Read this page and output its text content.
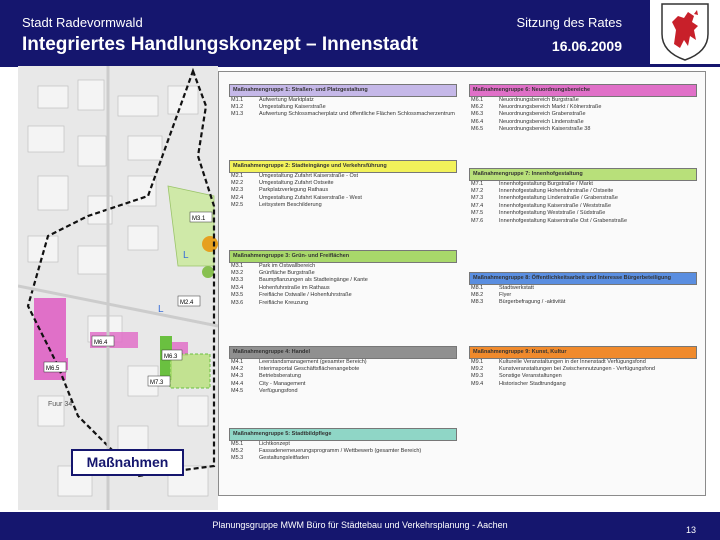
Stadt Radevormwald
Integriertes Handlungskonzept – Innenstadt
Sitzung des Rates
16.06.2009
M3.1
M2.4
M6.4
M6.5
M6.3
M7.3
L
L
Fuur 34
Maßnahmengruppe 1: Straßen- und Platzgestaltung
M1.1	Aufwertung Marktplatz
M1.2	Umgestaltung Kaiserstraße
M1.3	Aufwertung Schlossmacherplatz und öffentliche Flächen Schlossmacherzentrum
Maßnahmengruppe 2: Stadteingänge und Verkehrsführung
M2.1	Umgestaltung Zufahrt Kaiserstraße - Ost
M2.2	Umgestaltung Zufahrt Ostseite
M2.3	Parkplatzverlegung Rathaus
M2.4	Umgestaltung Zufahrt Kaiserstraße - West
M2.5	Leitsystem Beschilderung
Maßnahmengruppe 3: Grün- und Freiflächen
M3.1	Park im Ostwallbereich
M3.2	Grünfläche Burgstraße
M3.3	Baumpflanzungen als Stadteingänge / Kante
M3.4	Hohenfuhrstraße im Rathaus
M3.5	Freifläche Ostwalle / Hohenfuhrstraße
M3.6	Freifläche Kreuzung
Maßnahmengruppe 4: Handel
M4.1	Leerstandsmanagement (gesamter Bereich)
M4.2	Interimsportal Geschäftsflächenangebote
M4.3	Betriebsberatung
M4.4	City - Management
M4.5	Verfügungsfond
Maßnahmengruppe 5: Stadtbildpflege
M5.1	Lichtkonzept
M5.2	Fassadenerneuerungsprogramm / Wettbewerb (gesamter Bereich)
M5.3	Gestaltungsleitfaden
Maßnahmengruppe 6: Neuordnungsbereiche
M6.1	Neuordnungsbereich Burgstraße
M6.2	Neuordnungsbereich Markt / Kölnerstraße
M6.3	Neuordnungsbereich Grabenstraße
M6.4	Neuordnungsbereich Lindenstraße
M6.5	Neuordnungsbereich Kaiserstraße 38
Maßnahmengruppe 7: Innenhofgestaltung
M7.1	Innenhofgestaltung Burgstraße / Markt
M7.2	Innenhofgestaltung Hohenfuhrstraße / Ostseite
M7.3	Innenhofgestaltung Lindenstraße / Grabenstraße
M7.4	Innenhofgestaltung Kaiserstraße / Weststraße
M7.5	Innenhofgestaltung Weststraße / Südstraße
M7.6	Innenhofgestaltung Kaiserstraße Ost / Grabenstraße
Maßnahmengruppe 8: Öffentlichkeitsarbeit und Interesse Bürgerbeteiligung
M8.1	Stadtwerkstatt
M8.2	Flyer
M8.3	Bürgerbefragung / -aktivität
Maßnahmengruppe 9: Kunst, Kultur
M9.1	Kulturelle Veranstaltungen in der Innenstadt Verfügungsfond
M9.2	Kunstveranstaltungen bei Zwischennutzungen - Verfügungsfond
M9.3	Sonstige Veranstaltungen
M9.4	Historischer Stadtrundgang
Maßnahmen
Planungsgruppe MWM Büro für Städtebau und Verkehrsplanung - Aachen	13
